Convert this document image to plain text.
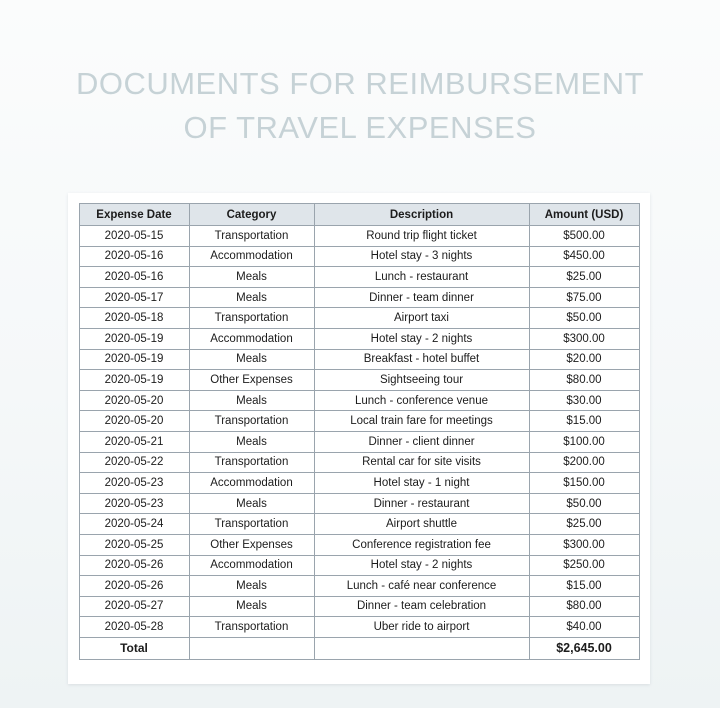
DOCUMENTS FOR REIMBURSEMENT
OF TRAVEL EXPENSES
Expense Date	Category	Description	Amount (USD)
2020-05-15	Transportation	Round trip flight ticket	$500.00
2020-05-16	Accommodation	Hotel stay - 3 nights	$450.00
2020-05-16	Meals	Lunch - restaurant	$25.00
2020-05-17	Meals	Dinner - team dinner	$75.00
2020-05-18	Transportation	Airport taxi	$50.00
2020-05-19	Accommodation	Hotel stay - 2 nights	$300.00
2020-05-19	Meals	Breakfast - hotel buffet	$20.00
2020-05-19	Other Expenses	Sightseeing tour	$80.00
2020-05-20	Meals	Lunch - conference venue	$30.00
2020-05-20	Transportation	Local train fare for meetings	$15.00
2020-05-21	Meals	Dinner - client dinner	$100.00
2020-05-22	Transportation	Rental car for site visits	$200.00
2020-05-23	Accommodation	Hotel stay - 1 night	$150.00
2020-05-23	Meals	Dinner - restaurant	$50.00
2020-05-24	Transportation	Airport shuttle	$25.00
2020-05-25	Other Expenses	Conference registration fee	$300.00
2020-05-26	Accommodation	Hotel stay - 2 nights	$250.00
2020-05-26	Meals	Lunch - café near conference	$15.00
2020-05-27	Meals	Dinner - team celebration	$80.00
2020-05-28	Transportation	Uber ride to airport	$40.00
Total			$2,645.00
